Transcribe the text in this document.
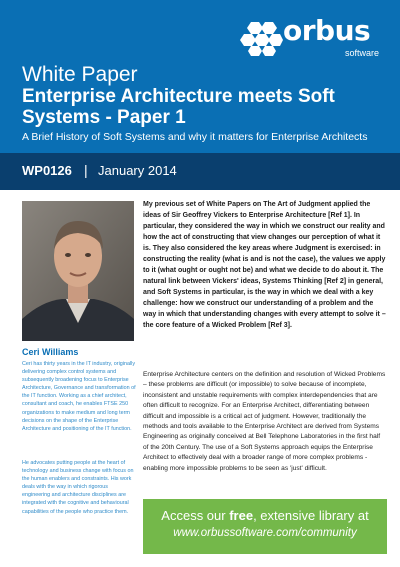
orbus
software
White Paper
Enterprise Architecture meets Soft Systems - Paper 1
A Brief History of Soft Systems and why it matters for Enterprise Architects
WP0126 | January 2014
Ceri Williams

Ceri has thirty years in the IT industry, originally delivering complex control systems and subsequently broadening focus to Enterprise Architecture, Governance and transformation of the IT function. Working as a chief architect, consultant and coach, he enables FTSE 250 organizations to make medium and long term decisions on the shape of the Enterprise Architecture and positioning of the IT function.

He advocates putting people at the heart of technology and business change with focus on the human enablers and constraints. His work deals with the way in which rigorous engineering and architecture disciplines are integrated with the cognitive and behavioural capabilities of the people who practice them.

My previous set of White Papers on The Art of Judgment applied the ideas of Sir Geoffrey Vickers to Enterprise Architecture [Ref 1]. In particular, they considered the way in which we construct our reality and how the act of constructing that view changes our perception of what it is. They also considered the key areas where Judgment is exercised: in constructing the reality (what is and is not the case), the values we apply to it (what ought or ought not be) and what we decide to do about it. The natural link between Vickers' ideas, Systems Thinking [Ref 2] in general, and Soft Systems in particular, is the way in which we deal with a key challenge: how we construct our understanding of a problem and the way in which that understanding changes with every attempt to solve it – the core feature of a Wicked Problem [Ref 3].

Enterprise Architecture centers on the definition and resolution of Wicked Problems – these problems are difficult (or impossible) to solve because of incomplete, inconsistent and unstable requirements with complex interdependencies that are often difficult to recognize. For an Enterprise Architect, differentiating between difficult and impossible is a critical act of judgment. However, traditionally the methods and tools available to the Enterprise Architect are derived from Systems Engineering as originally conceived at Bell Telephone Laboratories in the first half of the 20th Century. The use of a Soft Systems approach equips the Enterprise Architect to effectively deal with a broader range of more complex problems - enabling more impossible problems to be seen as 'just' difficult.

Access our free, extensive library at
www.orbussoftware.com/community
